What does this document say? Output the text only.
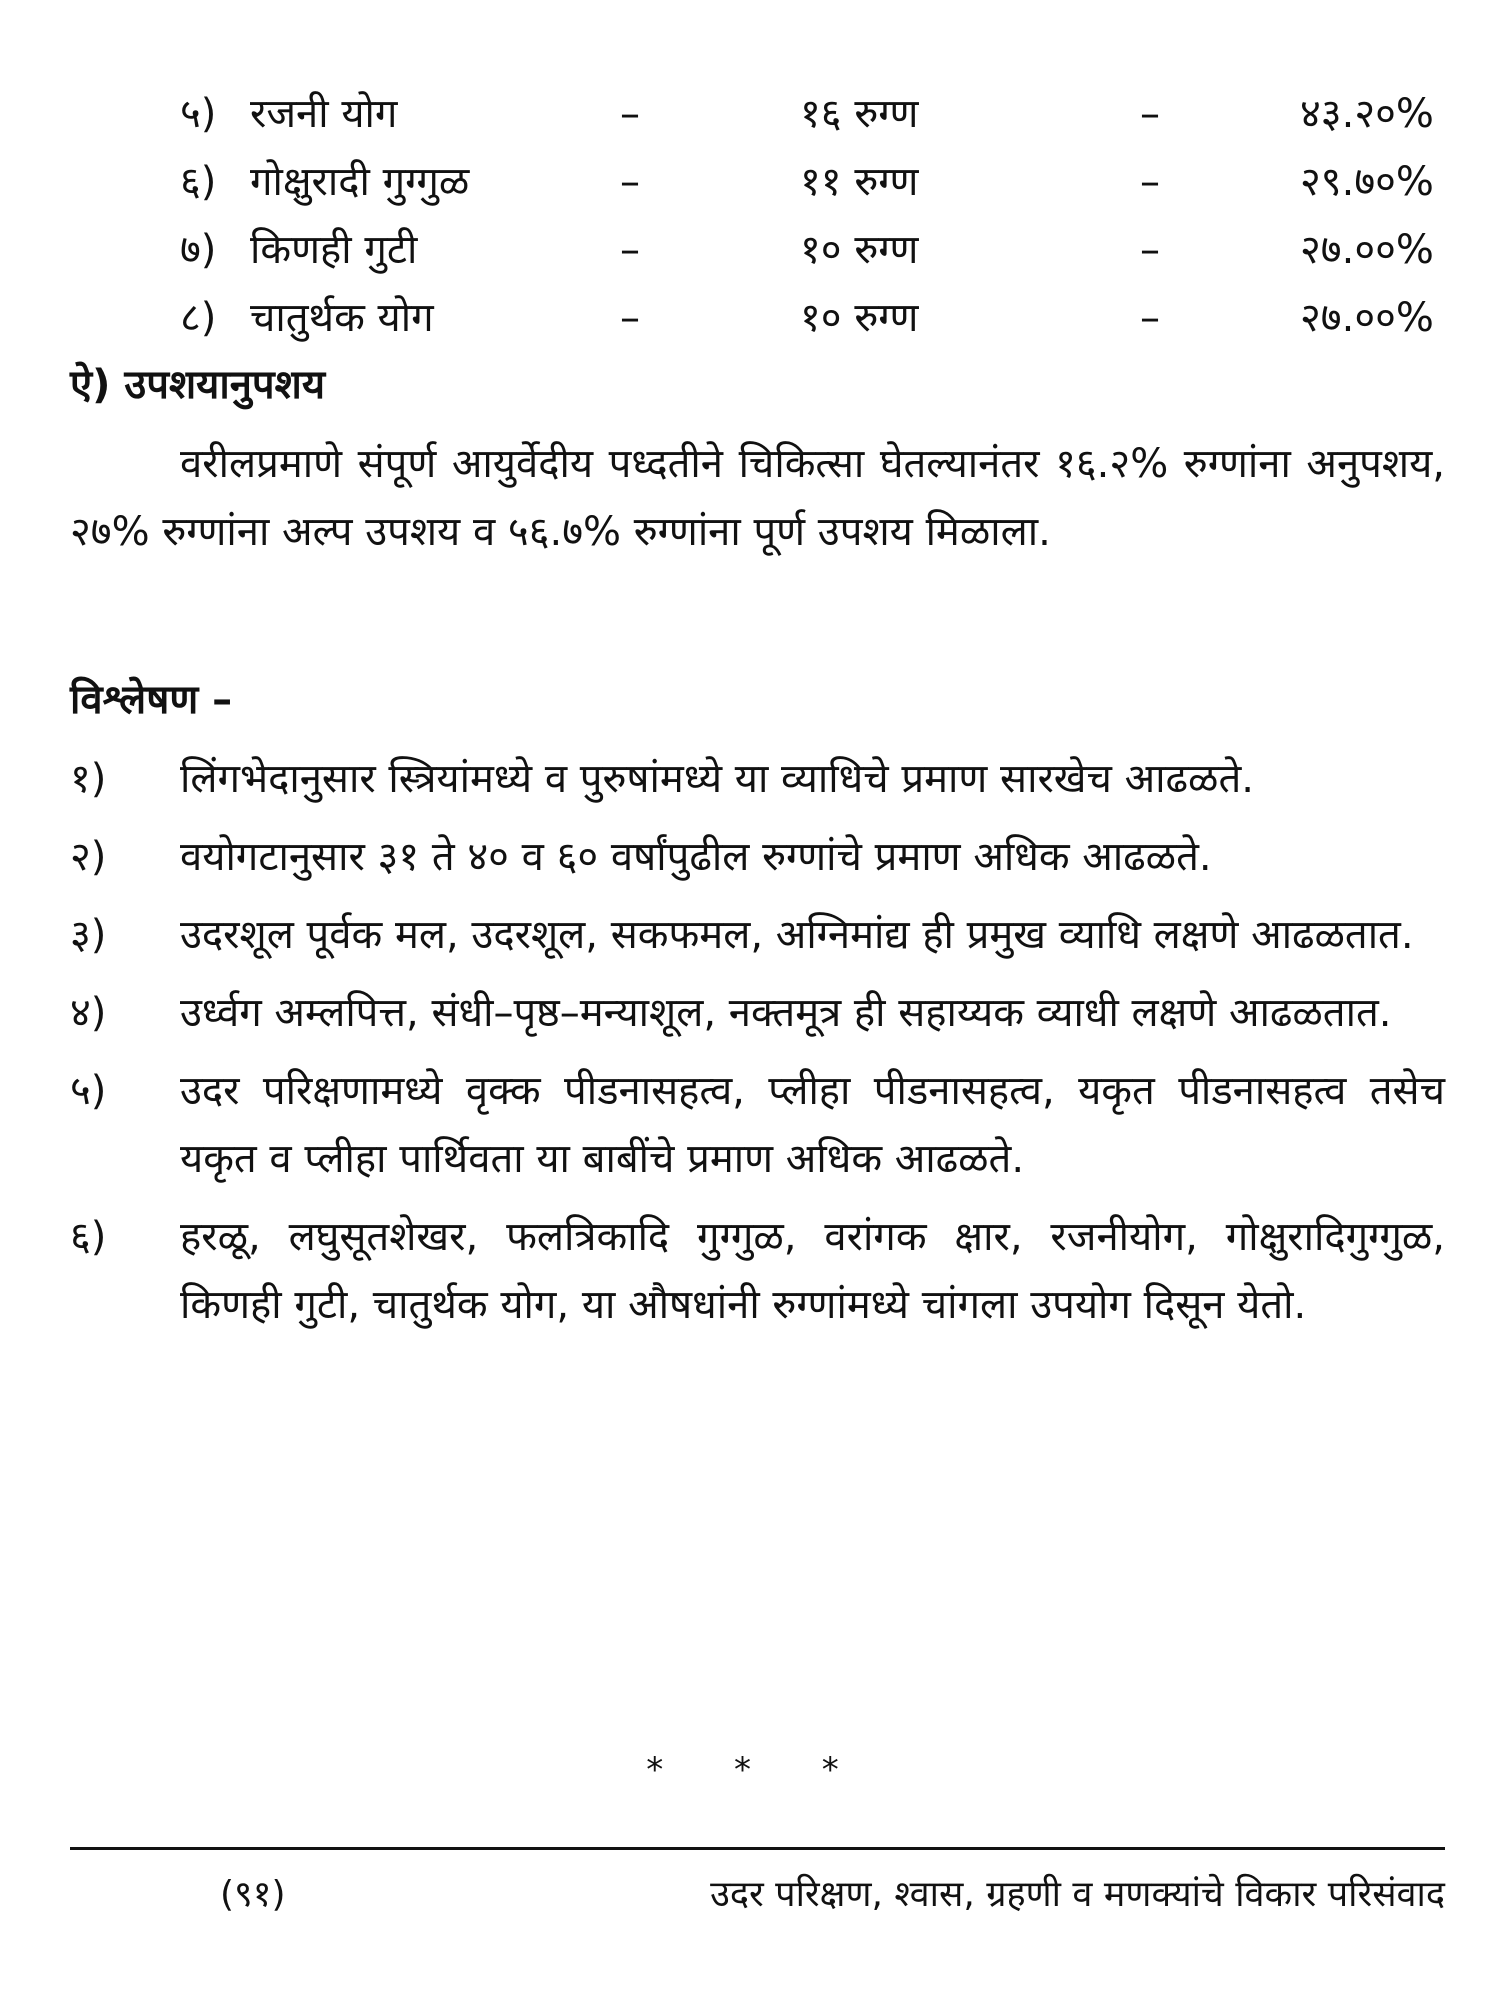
५) रजनी योग	–	१६ रुग्ण	–	४३.२०%
६) गोक्षुरादी गुग्गुळ	–	११ रुग्ण	–	२९.७०%
७) किणही गुटी	–	१० रुग्ण	–	२७.००%
८) चातुर्थक योग	–	१० रुग्ण	–	२७.००%
ऐ) उपशयानुपशय

वरीलप्रमाणे संपूर्ण आयुर्वेदीय पध्दतीने चिकित्सा घेतल्यानंतर १६.२% रुग्णांना अनुपशय, २७% रुग्णांना अल्प उपशय व ५६.७% रुग्णांना पूर्ण उपशय मिळाला.

विश्लेषण –
१)	लिंगभेदानुसार स्त्रियांमध्ये व पुरुषांमध्ये या व्याधिचे प्रमाण सारखेच आढळते.

२)	वयोगटानुसार ३१ ते ४० व ६० वर्षांपुढील रुग्णांचे प्रमाण अधिक आढळते.

३)	उदरशूल पूर्वक मल, उदरशूल, सकफमल, अग्निमांद्य ही प्रमुख व्याधि लक्षणे आढळतात.

४)	उर्ध्वग अम्लपित्त, संधी–पृष्ठ–मन्याशूल, नक्तमूत्र ही सहाय्यक व्याधी लक्षणे आढळतात.

५)	उदर परिक्षणामध्ये वृक्क पीडनासहत्व, प्लीहा पीडनासहत्व, यकृत पीडनासहत्व तसेच यकृत व प्लीहा पार्थिवता या बाबींचे प्रमाण अधिक आढळते.

६)	हरळू, लघुसूतशेखर, फलत्रिकादि गुग्गुळ, वरांगक क्षार, रजनीयोग, गोक्षुरादिगुग्गुळ, किणही गुटी, चातुर्थक योग, या औषधांनी रुग्णांमध्ये चांगला उपयोग दिसून येतो.

* * *
(९१)	उदर परिक्षण, श्वास, ग्रहणी व मणक्यांचे विकार परिसंवाद
